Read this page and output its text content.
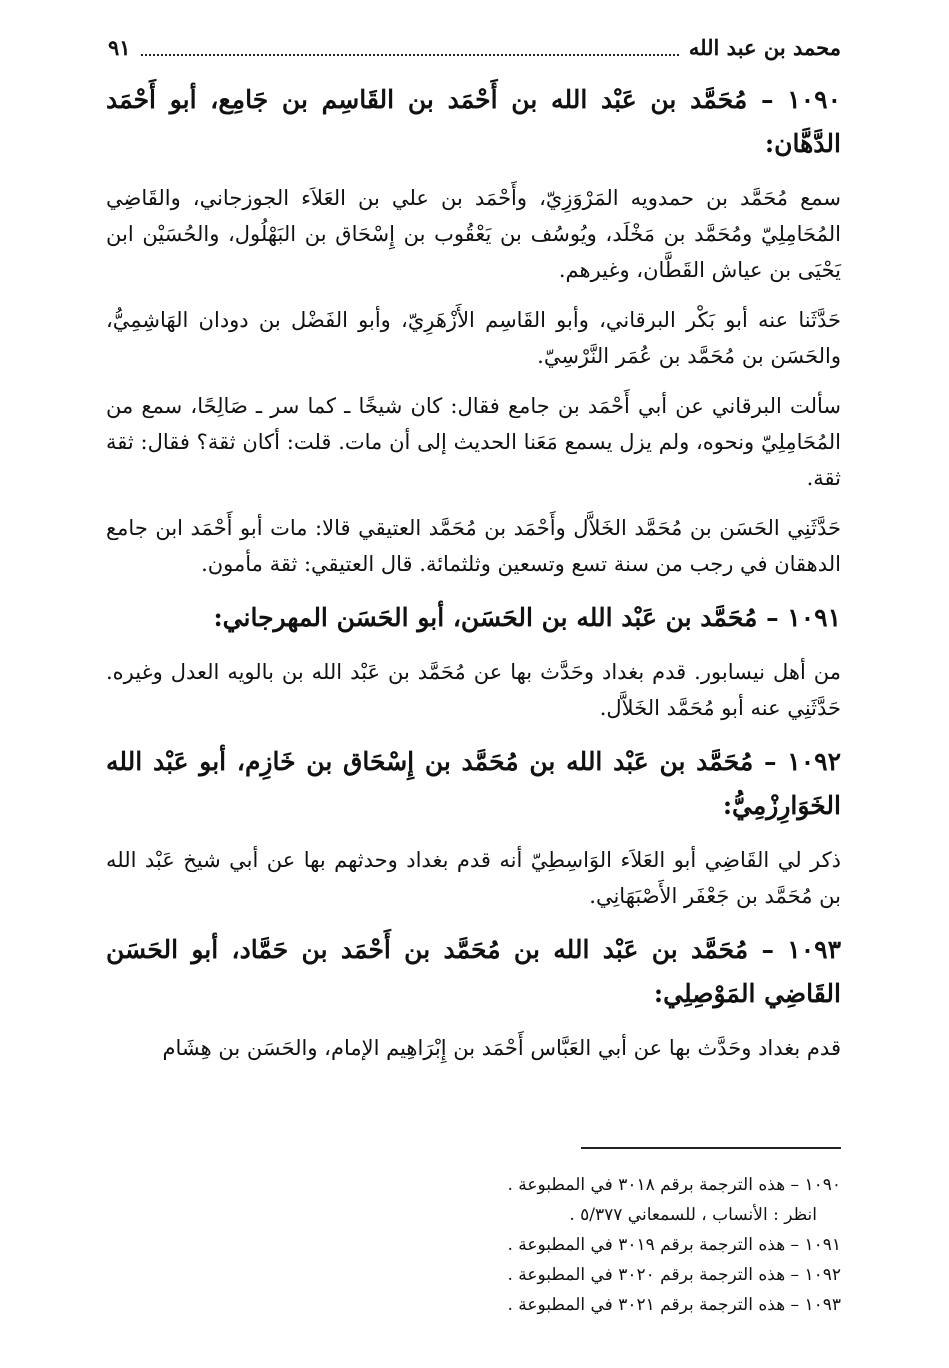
محمد بن عبد الله
٩١
١٠٩٠ – مُحَمَّد بن عَبْد الله بن أَحْمَد بن القَاسِم بن جَامِع، أبو أَحْمَد الدَّهَّان:
سمع مُحَمَّد بن حمدويه المَرْوَزِيّ، وأَحْمَد بن علي بن العَلاَء الجوزجاني، والقَاضِي المُحَامِلِيّ ومُحَمَّد بن مَخْلَد، ويُوسُف بن يَعْقُوب بن إِسْحَاق بن البَهْلُول، والحُسَيْن ابن يَحْيَى بن عياش القَطَّان، وغيرهم.
حَدَّثَنا عنه أبو بَكْر البرقاني، وأبو القَاسِم الأَزْهَرِيّ، وأبو الفَضْل بن دودان الهَاشِمِيُّ، والحَسَن بن مُحَمَّد بن عُمَر النَّرْسِيّ.
سألت البرقاني عن أبي أَحْمَد بن جامع فقال: كان شيخًا ـ كما سر ـ صَالِحًا، سمع من المُحَامِلِيّ ونحوه، ولم يزل يسمع مَعَنا الحديث إلى أن مات. قلت: أكان ثقة؟ فقال: ثقة ثقة.
حَدَّثَنِي الحَسَن بن مُحَمَّد الخَلاَّل وأَحْمَد بن مُحَمَّد العتيقي قالا: مات أبو أَحْمَد ابن جامع الدهقان في رجب من سنة تسع وتسعين وثلثمائة. قال العتيقي: ثقة مأمون.
١٠٩١ – مُحَمَّد بن عَبْد الله بن الحَسَن، أبو الحَسَن المهرجاني:
من أهل نيسابور. قدم بغداد وحَدَّث بها عن مُحَمَّد بن عَبْد الله بن بالويه العدل وغيره. حَدَّثَنِي عنه أبو مُحَمَّد الخَلاَّل.
١٠٩٢ – مُحَمَّد بن عَبْد الله بن مُحَمَّد بن إِسْحَاق بن خَازِم، أبو عَبْد الله الخَوَارِزْمِيُّ:
ذكر لي القَاضِي أبو العَلاَء الوَاسِطِيّ أنه قدم بغداد وحدثهم بها عن أبي شيخ عَبْد الله بن مُحَمَّد بن جَعْفَر الأَصْبَهَانِي.
١٠٩٣ – مُحَمَّد بن عَبْد الله بن مُحَمَّد بن أَحْمَد بن حَمَّاد، أبو الحَسَن القَاضِي المَوْصِلِي:
قدم بغداد وحَدَّث بها عن أبي العَبَّاس أَحْمَد بن إِبْرَاهِيم الإمام، والحَسَن بن هِشَام
١٠٩٠ – هذه الترجمة برقم ٣٠١٨ في المطبوعة .
انظر : الأنساب ، للسمعاني ٥/٣٧٧ .
١٠٩١ – هذه الترجمة برقم ٣٠١٩ في المطبوعة .
١٠٩٢ – هذه الترجمة برقم ٣٠٢٠ في المطبوعة .
١٠٩٣ – هذه الترجمة برقم ٣٠٢١ في المطبوعة .
